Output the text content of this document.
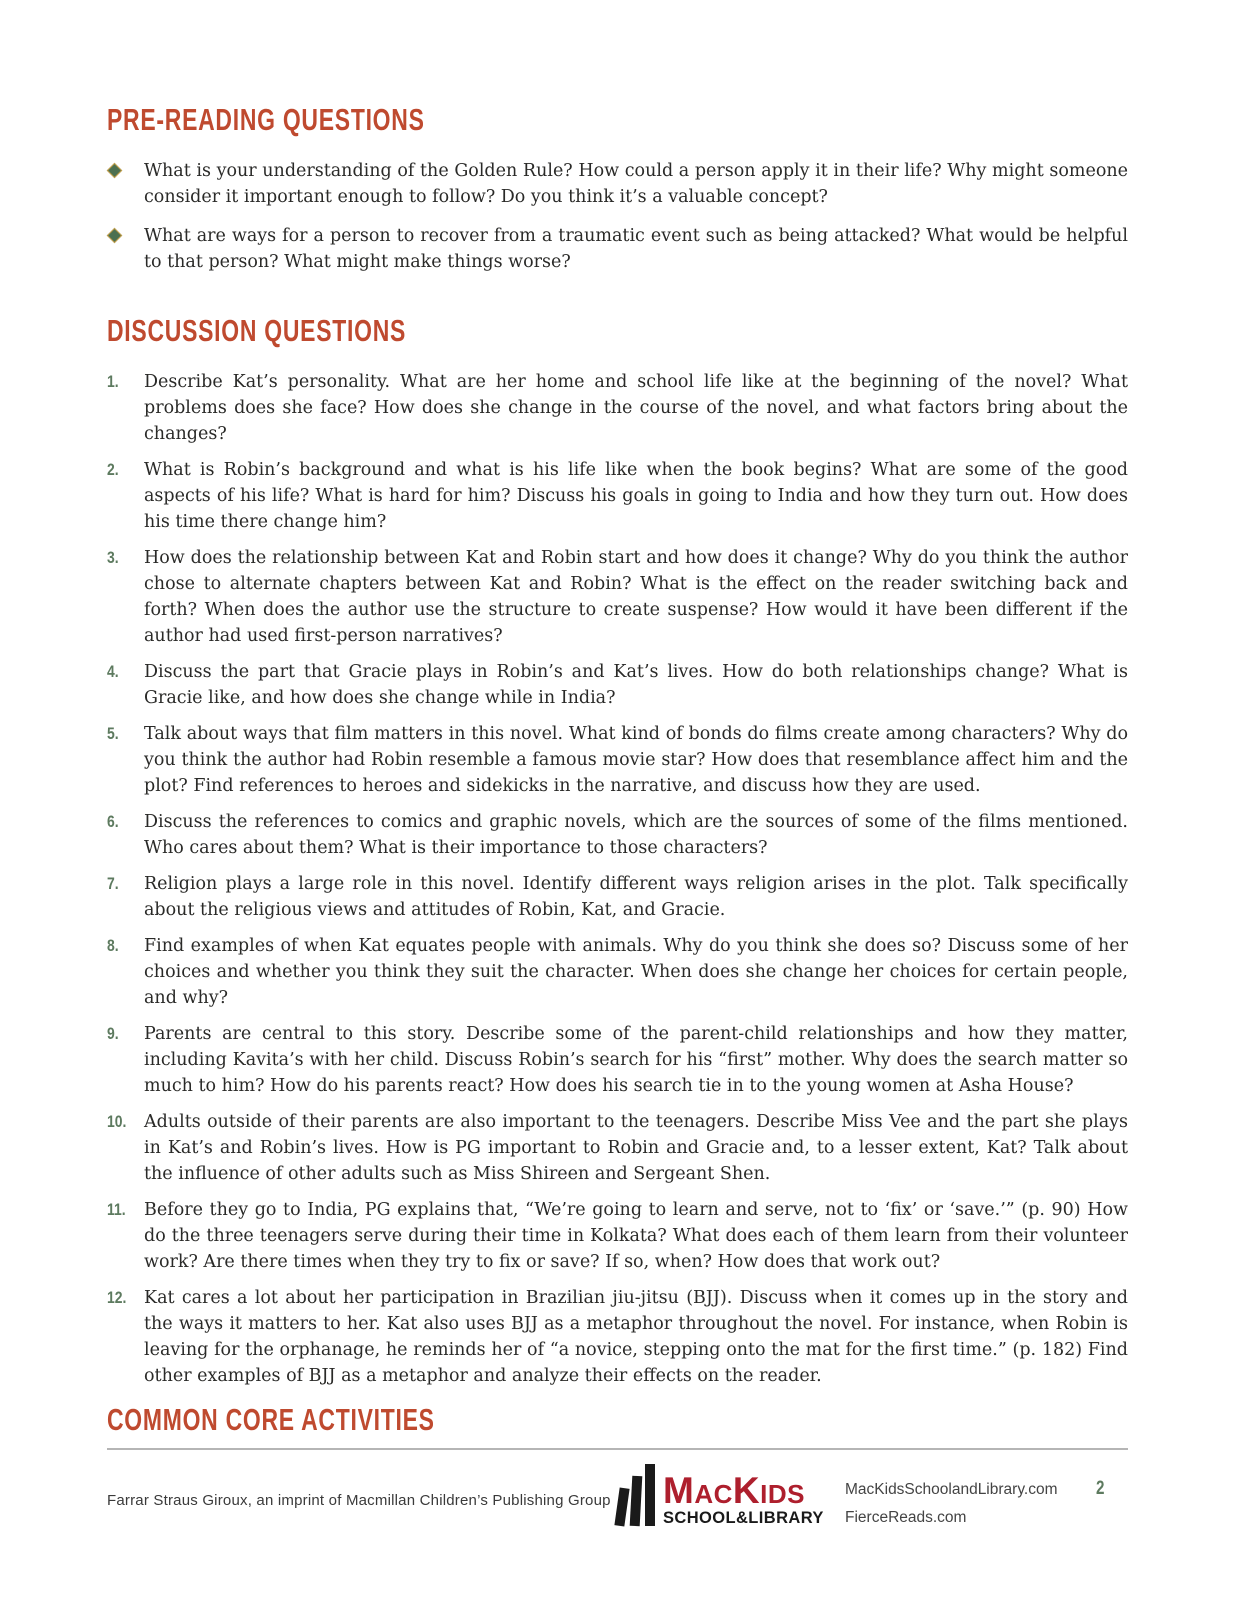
PRE-READING QUESTIONS

What is your understanding of the Golden Rule? How could a person apply it in their life? Why might someone consider it important enough to follow? Do you think it’s a valuable concept?

What are ways for a person to recover from a traumatic event such as being attacked? What would be helpful to that person? What might make things worse?

DISCUSSION QUESTIONS
1. Describe Kat’s personality. What are her home and school life like at the beginning of the novel? What problems does she face? How does she change in the course of the novel, and what factors bring about the changes?

2. What is Robin’s background and what is his life like when the book begins? What are some of the good aspects of his life? What is hard for him? Discuss his goals in going to India and how they turn out. How does his time there change him?

3. How does the relationship between Kat and Robin start and how does it change? Why do you think the author chose to alternate chapters between Kat and Robin? What is the effect on the reader switching back and forth? When does the author use the structure to create suspense? How would it have been different if the author had used first-person narratives?

4. Discuss the part that Gracie plays in Robin’s and Kat’s lives. How do both relationships change? What is Gracie like, and how does she change while in India?

5. Talk about ways that film matters in this novel. What kind of bonds do films create among characters? Why do you think the author had Robin resemble a famous movie star? How does that resemblance affect him and the plot? Find references to heroes and sidekicks in the narrative, and discuss how they are used.

6. Discuss the references to comics and graphic novels, which are the sources of some of the films mentioned. Who cares about them? What is their importance to those characters?

7. Religion plays a large role in this novel. Identify different ways religion arises in the plot. Talk specifically about the religious views and attitudes of Robin, Kat, and Gracie.

8. Find examples of when Kat equates people with animals. Why do you think she does so? Discuss some of her choices and whether you think they suit the character. When does she change her choices for certain people, and why?

9. Parents are central to this story. Describe some of the parent-child relationships and how they matter, including Kavita’s with her child. Discuss Robin’s search for his “first” mother. Why does the search matter so much to him? How do his parents react? How does his search tie in to the young women at Asha House?

10. Adults outside of their parents are also important to the teenagers. Describe Miss Vee and the part she plays in Kat’s and Robin’s lives. How is PG important to Robin and Gracie and, to a lesser extent, Kat? Talk about the influence of other adults such as Miss Shireen and Sergeant Shen.

11. Before they go to India, PG explains that, “We’re going to learn and serve, not to ‘fix’ or ‘save.’” (p. 90) How do the three teenagers serve during their time in Kolkata? What does each of them learn from their volunteer work? Are there times when they try to fix or save? If so, when? How does that work out?

12. Kat cares a lot about her participation in Brazilian jiu-jitsu (BJJ). Discuss when it comes up in the story and the ways it matters to her. Kat also uses BJJ as a metaphor throughout the novel. For instance, when Robin is leaving for the orphanage, he reminds her of “a novice, stepping onto the mat for the first time.” (p. 182) Find other examples of BJJ as a metaphor and analyze their effects on the reader.

COMMON CORE ACTIVITIES
Farrar Straus Giroux, an imprint of Macmillan Children’s Publishing Group MacKids
SCHOOL&LIBRARY
MacKidsSchoolandLibrary.com
FierceReads.com
2
